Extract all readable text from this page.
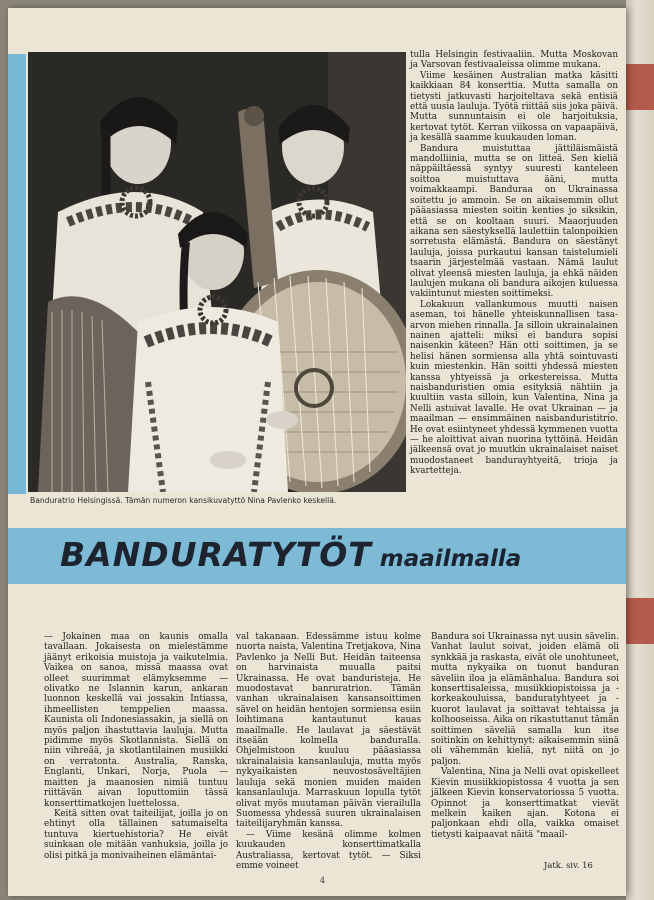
Banduratrio Helsingissä. Tämän numeron kansikuvatyttö Nina Pavlenko keskellä.

tulla Helsingin festivaaliin. Mutta Moskovan ja Varsovan festivaaleissa olimme mukana.

Viime kesäinen Australian matka käsitti kaikkiaan 84 konserttia. Mutta samalla on tietysti jatkuvasti harjoiteltava sekä entisiä että uusia lauluja. Työtä riittää siis joka päivä. Mutta sunnuntaisin ei ole harjoituksia, kertovat tytöt. Kerran viikossa on vapaapäivä, ja kesällä saamme kuukauden loman.

Bandura muistuttaa jättiläismäistä mandolliinia, mutta se on litteä. Sen kieliä näppäiltäessä syntyy suuresti kanteleen soittoa muistuttava ääni, mutta voimakkaampi. Banduraa on Ukrainassa soitettu jo ammoin. Se on aikaisemmin ollut pääasiassa miesten soitin kenties jo siksikin, että se on kooltaan suuri. Maaorjuuden aikana sen säestyksellä laulettiin talonpoikien sorretusta elämästä. Bandura on säestänyt lauluja, joissa purkautui kansan taistelumieli tsaarin järjestelmää vastaan. Nämä laulut olivat yleensä miesten lauluja, ja ehkä näiden laulujen mukana oli bandura aikojen kuluessa vakiintunut miesten soittimeksi.

Lokakuun vallankumous muutti naisen aseman, toi hänelle yhteiskunnallisen tasa-arvon miehen rinnalla. Ja silloin ukrainalainen nainen ajatteli: miksi ei bandura sopisi naisenkin käteen? Hän otti soittimen, ja se helisi hänen sormiensa alla yhtä sointuvasti kuin miestenkin. Hän soitti yhdessä miesten kanssa yhtyeissä ja orkestereissa. Mutta naisbanduristien omia esityksiä nähtiin ja kuultiin vasta silloin, kun Valentina, Nina ja Nelli astuivat lavalle. He ovat Ukrainan — ja maailman — ensimmäinen naisbanduristitrio. He ovat esiintyneet yhdessä kymmenen vuotta — he aloittivat aivan nuorina tyttöinä. Heidän jälkeensä ovat jo muutkin ukrainalaiset naiset muodostaneet bandurayhtyeitä, trioja ja kvartetteja.

BANDURATYTÖT maailmalla

— Jokainen maa on kaunis omalla tavallaan. Jokaisesta on mielestämme jäänyt erikoisia muistoja ja vaikutelmia. Vaikea on sanoa, missä maassa ovat olleet suurimmat elämyksemme — olivatko ne Islannin karun, ankaran luonnon keskellä vai jossakin Intiassa, ihmeellisten temppelien maassa. Kaunista oli Indonesiassakin, ja siellä on myös paljon ihastuttavia lauluja. Mutta pidimme myös Skotlannista. Siellä on niin vihreää, ja skotlantilainen musiikki on verratonta. Australia, Ranska, Englanti, Unkari, Norja, Puola — maitten ja maanosien nimiä tuntuu riittävän aivan loputtomiin tässä konserttimatkojen luettelossa.

Keitä sitten ovat taiteilijat, joilla jo on ehtinyt olla tällainen satumaiselta tuntuva kiertuehistoria? He eivät suinkaan ole mitään vanhuksia, joilla jo olisi pitkä ja monivaiheinen elämäntai-

val takanaan. Edessämme istuu kolme nuorta naista, Valentina Tretjakova, Nina Pavlenko ja Nelli But. Heidän taiteensa on harvinaista muualla paitsi Ukrainassa. He ovat banduristeja. He muodostavat banruratrion. Tämän vanhan ukrainalaisen kansansoittimen sävel on heidän hentojen sormiensa esiin loihtimana kantautunut kauas maailmalle. He laulavat ja säestävät itseään kolmella banduralla. Ohjelmistoon kuuluu pääasiassa ukrainalaisia kansanlauluja, mutta myös nykyaikaisten neuvostosäveltäjien lauluja sekä monien muiden maiden kansanlauluja. Marraskuun lopulla tytöt olivat myös muutaman päivän vierailulla Suomessa yhdessä suuren ukrainalaisen taiteilijaryhmän kanssa.

— Viime kesänä olimme kolmen kuukauden konserttimatkalla Australiassa, kertovat tytöt. — Siksi emme voineet

Bandura soi Ukrainassa nyt uusin sävelin. Vanhat laulut soivat, joiden elämä oli synkkää ja raskasta, eivät ole unohtuneet, mutta nykyaika on tuonut banduran säveliin iloa ja elämänhalua. Bandura soi konserttisaleissa, musiikkiopistoissa ja -korkeakouluissa, banduratyhtyeet ja -kuorot laulavat ja soittavat tehtaissa ja kolhooseissa. Aika on rikastuttanut tämän soittimen säveliä samalla kun itse soitinkin on kehittynyt: aikaisemmin siinä oli vähemmän kieliä, nyt niitä on jo paljon.

Valentina, Nina ja Nelli ovat opiskelleet Kievin musiikkiopistossa 4 vuotta ja sen jälkeen Kievin konservatoriossa 5 vuotta. Opinnot ja konserttimatkat vievät melkein kaiken ajan. Kotona ei paljonkaan ehdi olla, vaikka omaiset tietysti kaipaavat näitä "maail-

Jatk. siv. 16
4
